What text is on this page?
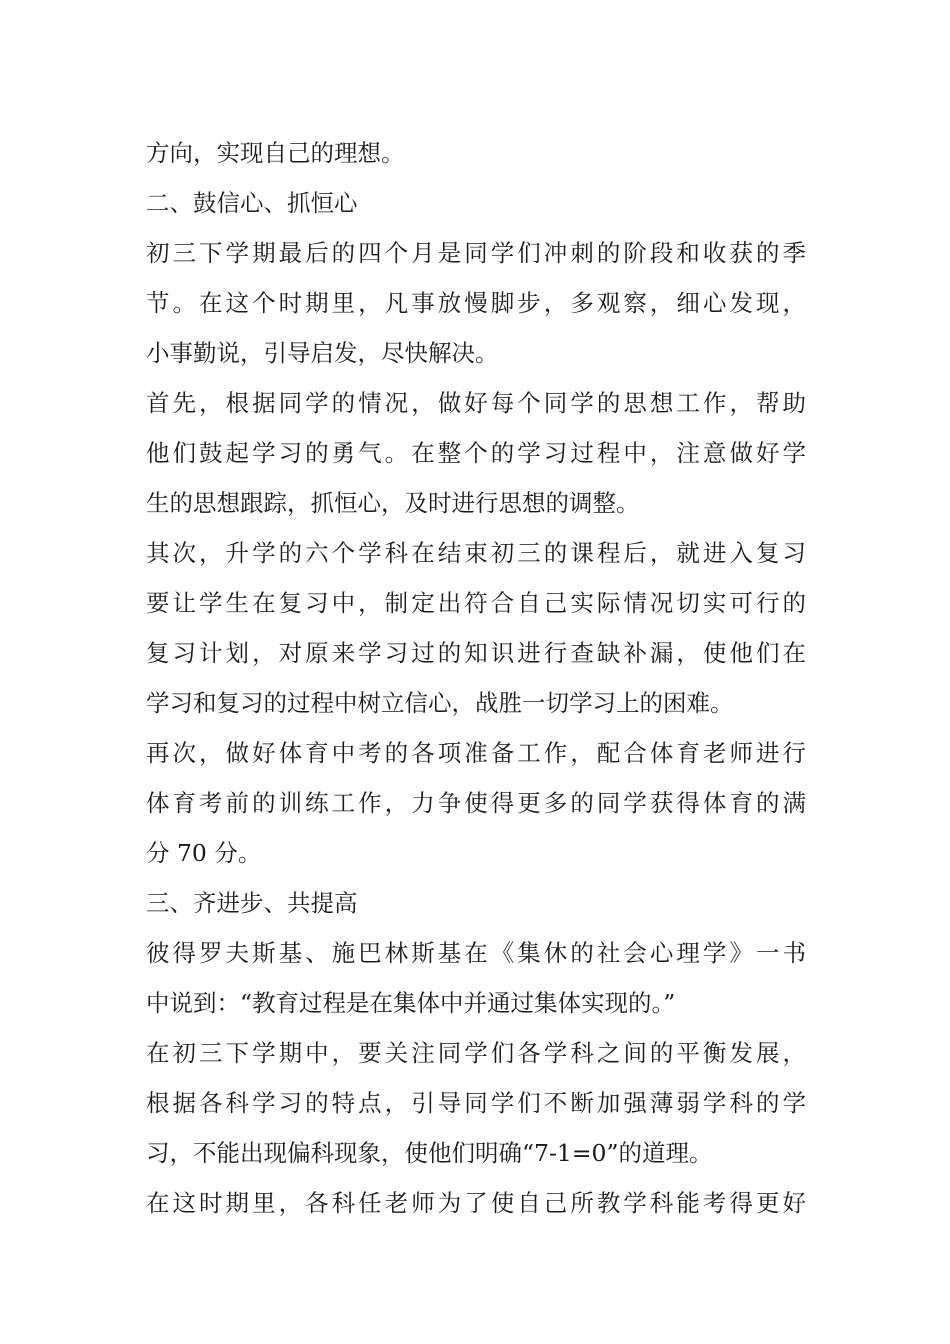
方向，实现自己的理想。
二、鼓信心、抓恒心
初三下学期最后的四个月是同学们冲刺的阶段和收获的季
节。在这个时期里，凡事放慢脚步，多观察，细心发现，
小事勤说，引导启发，尽快解决。
首先，根据同学的情况，做好每个同学的思想工作，帮助
他们鼓起学习的勇气。在整个的学习过程中，注意做好学
生的思想跟踪，抓恒心，及时进行思想的调整。
其次，升学的六个学科在结束初三的课程后，就进入复习
要让学生在复习中，制定出符合自己实际情况切实可行的
复习计划，对原来学习过的知识进行查缺补漏，使他们在
学习和复习的过程中树立信心，战胜一切学习上的困难。
再次，做好体育中考的各项准备工作，配合体育老师进行
体育考前的训练工作，力争使得更多的同学获得体育的满
分 70 分。
三、齐进步、共提高
彼得罗夫斯基、施巴林斯基在《集休的社会心理学》一书
中说到：“教育过程是在集体中并通过集体实现的。”
在初三下学期中，要关注同学们各学科之间的平衡发展，
根据各科学习的特点，引导同学们不断加强薄弱学科的学
习，不能出现偏科现象，使他们明确“7-1=0”的道理。
在这时期里，各科任老师为了使自己所教学科能考得更好
